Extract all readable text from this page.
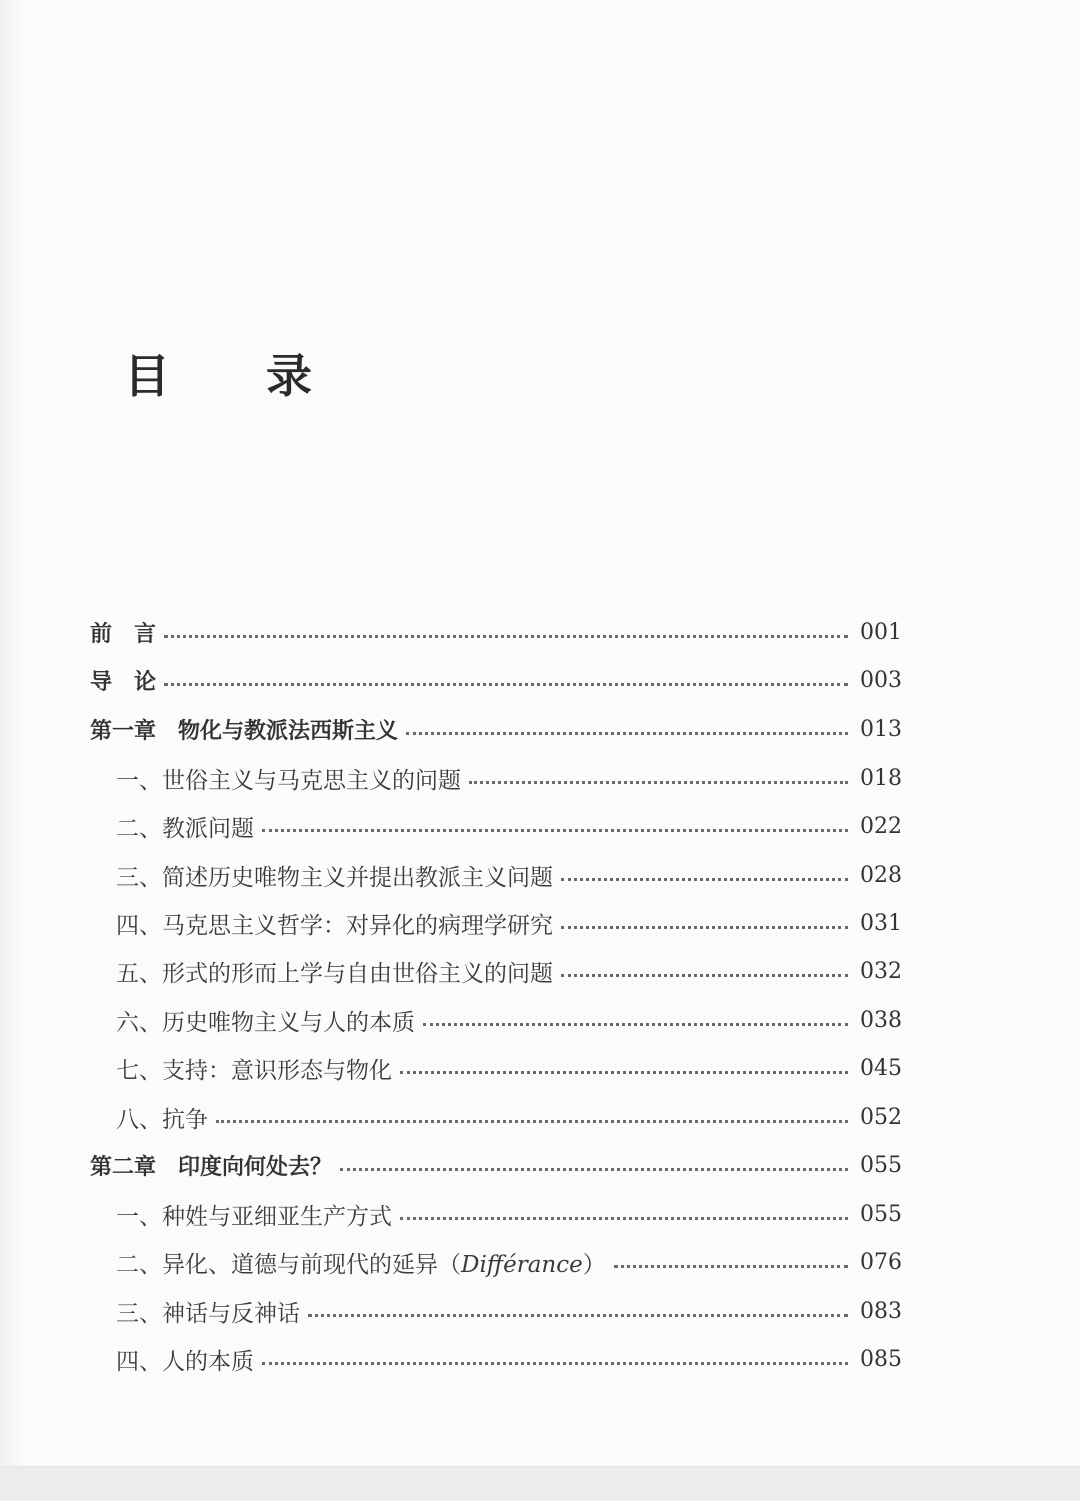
目 录
前　言	001
导　论	003
第一章　物化与教派法西斯主义	013
一、世俗主义与马克思主义的问题	018
二、教派问题	022
三、简述历史唯物主义并提出教派主义问题	028
四、马克思主义哲学：对异化的病理学研究	031
五、形式的形而上学与自由世俗主义的问题	032
六、历史唯物主义与人的本质	038
七、支持：意识形态与物化	045
八、抗争	052
第二章　印度向何处去？	055
一、种姓与亚细亚生产方式	055
二、异化、道德与前现代的延异（Différance）	076
三、神话与反神话	083
四、人的本质	085
